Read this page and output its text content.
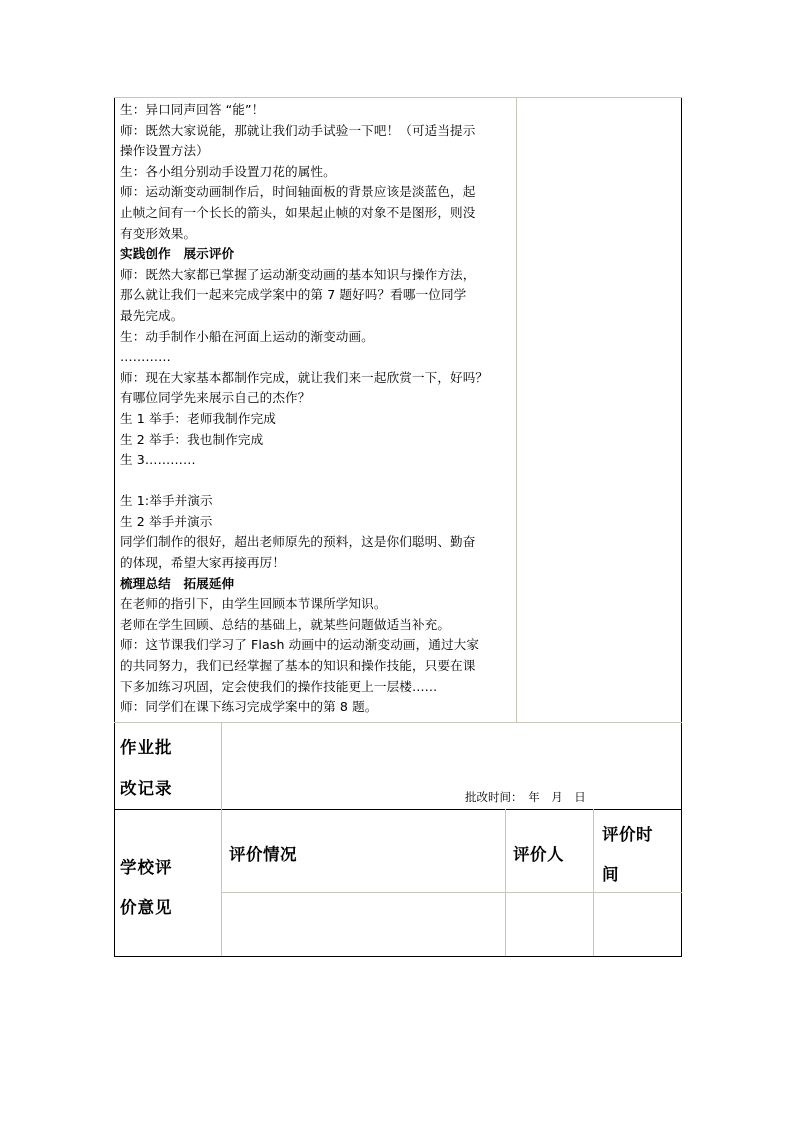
生：异口同声回答 “能”！
师：既然大家说能，那就让我们动手试验一下吧！（可适当提示
操作设置方法）
生：各小组分别动手设置刀花的属性。
师：运动渐变动画制作后，时间轴面板的背景应该是淡蓝色，起
止帧之间有一个长长的箭头，如果起止帧的对象不是图形，则没
有变形效果。
实践创作　展示评价
师：既然大家都已掌握了运动渐变动画的基本知识与操作方法，
那么就让我们一起来完成学案中的第 7 题好吗？看哪一位同学
最先完成。
生：动手制作小船在河面上运动的渐变动画。
…………
师：现在大家基本都制作完成，就让我们来一起欣赏一下，好吗？
有哪位同学先来展示自己的杰作？
生 1 举手：老师我制作完成
生 2 举手：我也制作完成
生 3…………
生 1:举手并演示
生 2 举手并演示
同学们制作的很好，超出老师原先的预料，这是你们聪明、勤奋
的体现，希望大家再接再厉！
梳理总结　拓展延伸
在老师的指引下，由学生回顾本节课所学知识。
老师在学生回顾、总结的基础上，就某些问题做适当补充。
师：这节课我们学习了 Flash 动画中的运动渐变动画，通过大家
的共同努力，我们已经掌握了基本的知识和操作技能，只要在课
下多加练习巩固，定会使我们的操作技能更上一层楼……
师：同学们在课下练习完成学案中的第 8 题。
作业批
改记录	批改时间：　年　月　日
学校评
价意见
评价情况	评价人
评价时
间
